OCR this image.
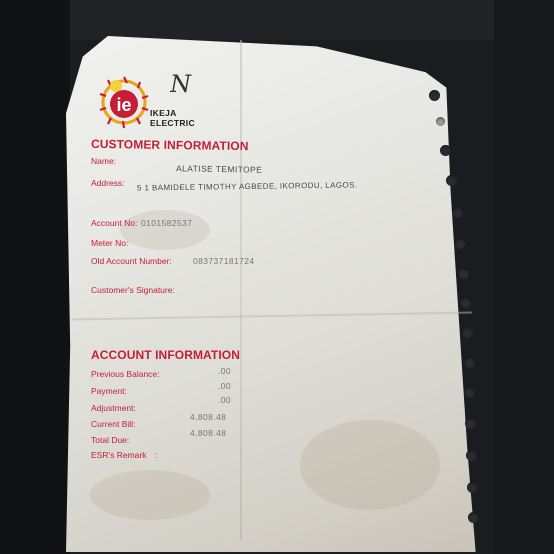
ie IKEJA
ELECTRIC
N
CUSTOMER INFORMATION
Name:
ALATISE TEMITOPE
Address: 5 1 BAMIDELE TIMOTHY AGBEDE, IKORODU, LAGOS.
Account No: 0101582537
Meter No:
Old Account Number: 083737181724
Customer's Signature:
ACCOUNT INFORMATION
Previous Balance:	.00
Payment:	.00
Adjustment:
.00
Current Bill:
4,808.48
Total Due:
4,808.48
ESR's Remark :
